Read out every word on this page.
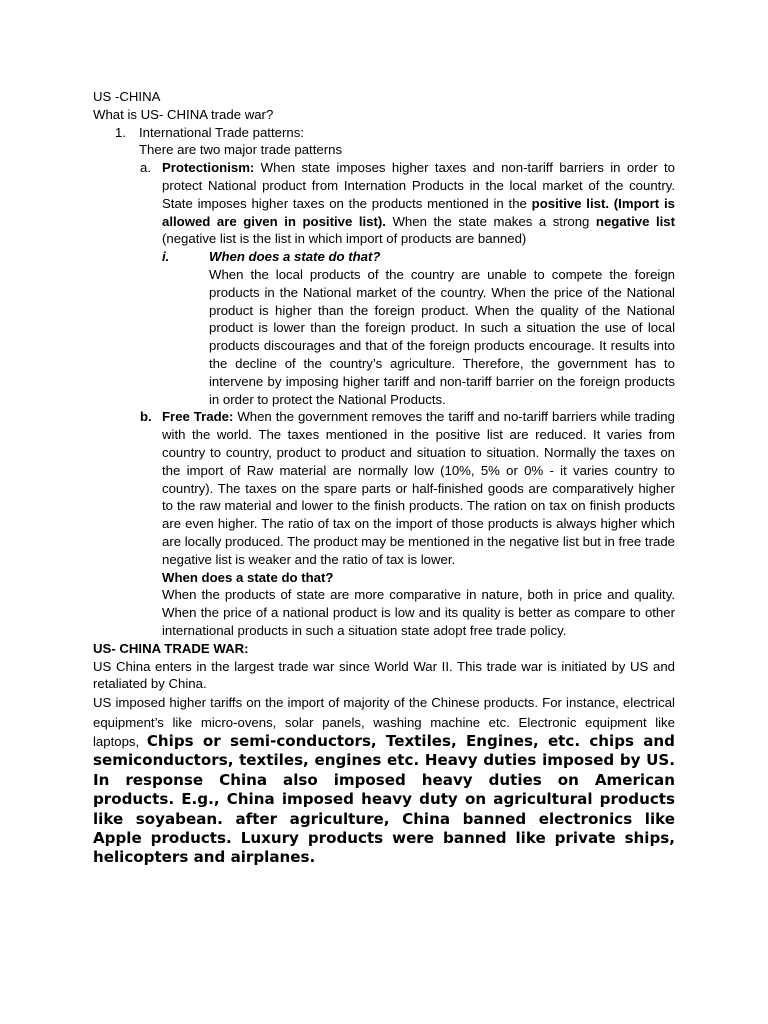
US -CHINA

What is US- CHINA trade war?

1. International Trade patterns:

There are two major trade patterns

a. Protectionism: When state imposes higher taxes and non-tariff barriers in order to protect National product from Internation Products in the local market of the country. State imposes higher taxes on the products mentioned in the positive list. (Import is allowed are given in positive list). When the state makes a strong negative list (negative list is the list in which import of products are banned)
i.	When does a state do that?

When the local products of the country are unable to compete the foreign products in the National market of the country. When the price of the National product is higher than the foreign product. When the quality of the National product is lower than the foreign product. In such a situation the use of local products discourages and that of the foreign products encourage. It results into the decline of the country’s agriculture. Therefore, the government has to intervene by imposing higher tariff and non-tariff barrier on the foreign products in order to protect the National Products.

b. Free Trade: When the government removes the tariff and no-tariff barriers while trading with the world. The taxes mentioned in the positive list are reduced. It varies from country to country, product to product and situation to situation. Normally the taxes on the import of Raw material are normally low (10%, 5% or 0% - it varies country to country). The taxes on the spare parts or half-finished goods are comparatively higher to the raw material and lower to the finish products. The ration on tax on finish products are even higher. The ratio of tax on the import of those products is always higher which are locally produced. The product may be mentioned in the negative list but in free trade negative list is weaker and the ratio of tax is lower.

When does a state do that?

When the products of state are more comparative in nature, both in price and quality. When the price of a national product is low and its quality is better as compare to other international products in such a situation state adopt free trade policy.

US- CHINA TRADE WAR:

US China enters in the largest trade war since World War II. This trade war is initiated by US and retaliated by China.

US imposed higher tariffs on the import of majority of the Chinese products. For instance, electrical equipment’s like micro-ovens, solar panels, washing machine etc. Electronic equipment like laptops, Chips or semi-conductors, Textiles, Engines, etc. chips and semiconductors, textiles, engines etc. Heavy duties imposed by US. In response China also imposed heavy duties on American products. E.g., China imposed heavy duty on agricultural products like soyabean. after agriculture, China banned electronics like Apple products. Luxury products were banned like private ships, helicopters and airplanes.
